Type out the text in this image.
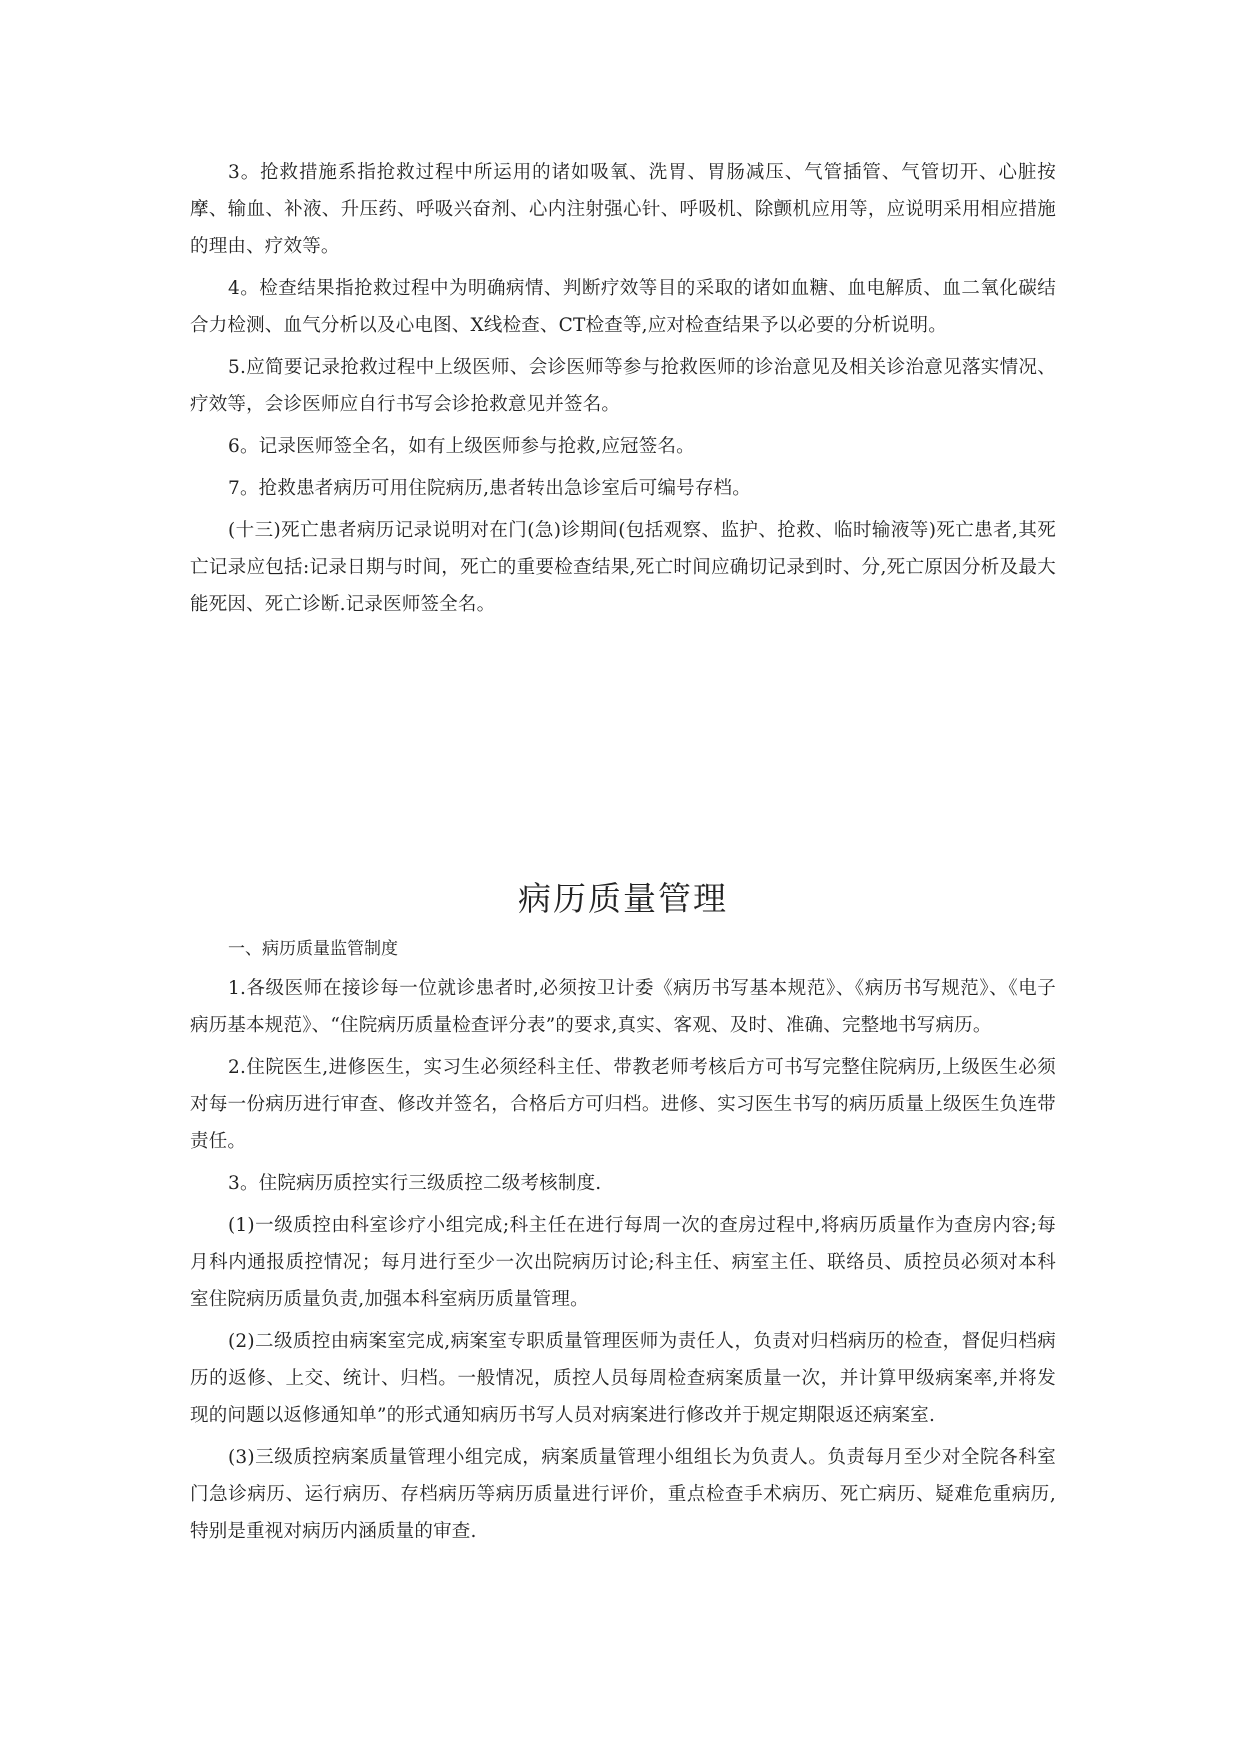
3。抢救措施系指抢救过程中所运用的诸如吸氧、洗胃、胃肠减压、气管插管、气管切开、心脏按摩、输血、补液、升压药、呼吸兴奋剂、心内注射强心针、呼吸机、除颤机应用等，应说明采用相应措施的理由、疗效等。

4。检查结果指抢救过程中为明确病情、判断疗效等目的采取的诸如血糖、血电解质、血二氧化碳结合力检测、血气分析以及心电图、X线检查、CT检查等,应对检查结果予以必要的分析说明。

5.应简要记录抢救过程中上级医师、会诊医师等参与抢救医师的诊治意见及相关诊治意见落实情况、疗效等，会诊医师应自行书写会诊抢救意见并签名。

6。记录医师签全名，如有上级医师参与抢救,应冠签名。

7。抢救患者病历可用住院病历,患者转出急诊室后可编号存档。

(十三)死亡患者病历记录说明对在门(急)诊期间(包括观察、监护、抢救、临时输液等)死亡患者,其死亡记录应包括:记录日期与时间，死亡的重要检查结果,死亡时间应确切记录到时、分,死亡原因分析及最大能死因、死亡诊断.记录医师签全名。

病历质量管理

一、病历质量监管制度

1.各级医师在接诊每一位就诊患者时,必须按卫计委《病历书写基本规范》、《病历书写规范》、《电子病历基本规范》、“住院病历质量检查评分表”的要求,真实、客观、及时、准确、完整地书写病历。

2.住院医生,进修医生，实习生必须经科主任、带教老师考核后方可书写完整住院病历,上级医生必须对每一份病历进行审查、修改并签名，合格后方可归档。进修、实习医生书写的病历质量上级医生负连带责任。

3。住院病历质控实行三级质控二级考核制度.

(1)一级质控由科室诊疗小组完成;科主任在进行每周一次的查房过程中,将病历质量作为查房内容;每月科内通报质控情况；每月进行至少一次出院病历讨论;科主任、病室主任、联络员、质控员必须对本科室住院病历质量负责,加强本科室病历质量管理。

(2)二级质控由病案室完成,病案室专职质量管理医师为责任人，负责对归档病历的检查，督促归档病历的返修、上交、统计、归档。一般情况，质控人员每周检查病案质量一次，并计算甲级病案率,并将发现的问题以返修通知单”的形式通知病历书写人员对病案进行修改并于规定期限返还病案室.

(3)三级质控病案质量管理小组完成，病案质量管理小组组长为负责人。负责每月至少对全院各科室门急诊病历、运行病历、存档病历等病历质量进行评价，重点检查手术病历、死亡病历、疑难危重病历,特别是重视对病历内涵质量的审查.
